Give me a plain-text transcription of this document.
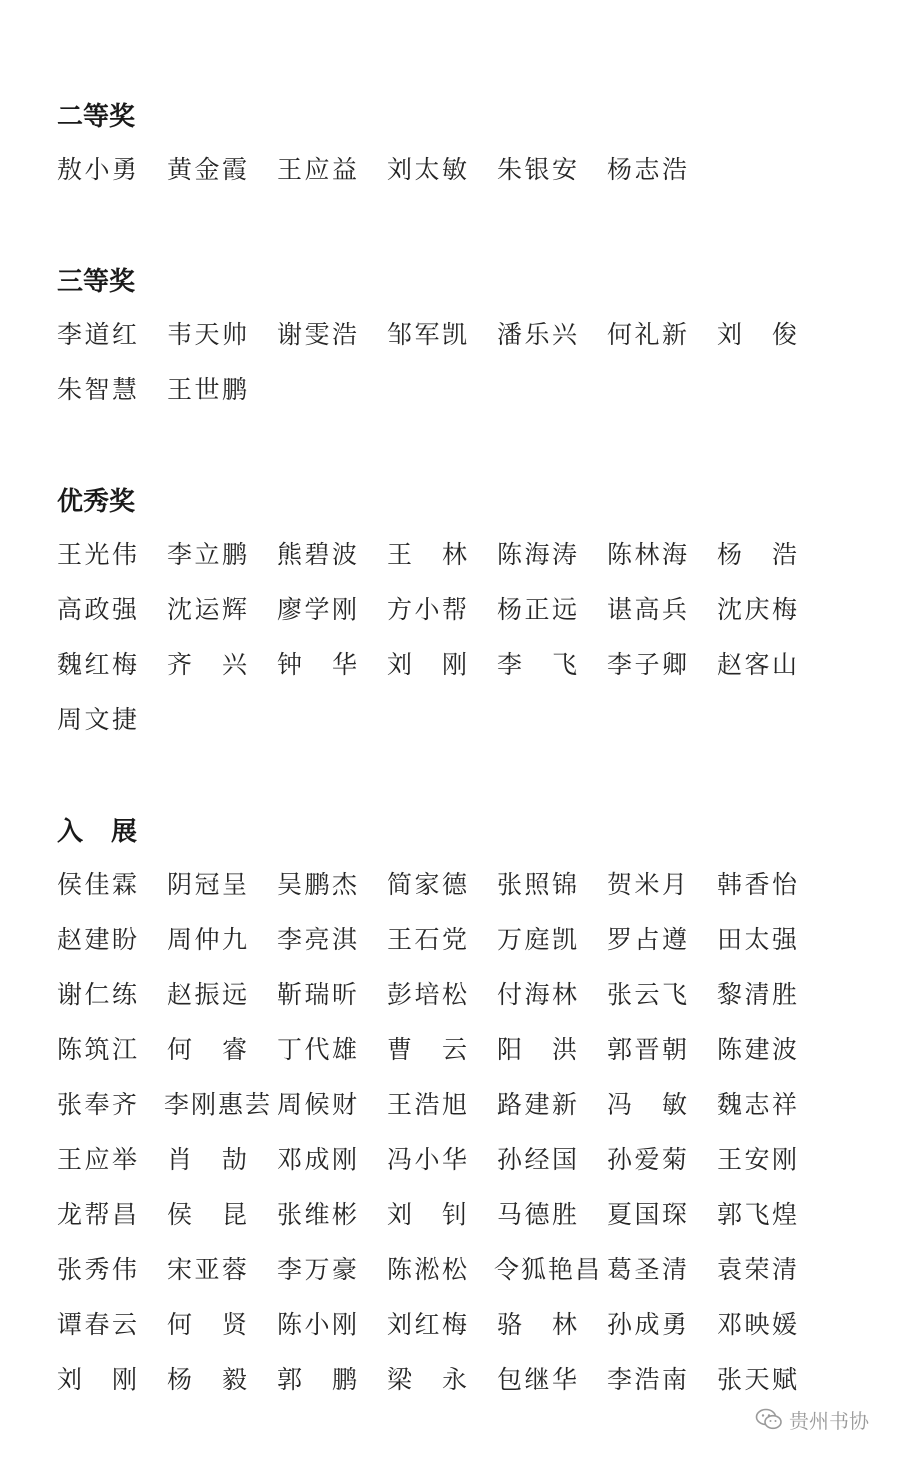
二等奖
敖 小 勇 黄 金 霞 王 应 益 刘 太 敏 朱 银 安 杨 志 浩
三等奖
李 道 红 韦 天 帅 谢 雯 浩 邹 军 凯 潘 乐 兴 何 礼 新 刘 俊
朱 智 慧 王 世 鹏
优秀奖
王 光 伟 李 立 鹏 熊 碧 波 王 林 陈 海 涛 陈 林 海 杨 浩
高 政 强 沈 运 辉 廖 学 刚 方 小 帮 杨 正 远 谌 高 兵 沈 庆 梅
魏 红 梅 齐 兴 钟 华 刘 刚 李 飞 李 子 卿 赵 客 山
周 文 捷
入展
侯 佳 霖 阴 冠 呈 吴 鹏 杰 简 家 德 张 照 锦 贺 米 月 韩 香 怡
赵 建 盼 周 仲 九 李 亮 淇 王 石 党 万 庭 凯 罗 占 遵 田 太 强
谢 仁 练 赵 振 远 靳 瑞 昕 彭 培 松 付 海 林 张 云 飞 黎 清 胜
陈 筑 江 何 睿 丁 代 雄 曹 云 阳 洪 郭 晋 朝 陈 建 波
张 奉 齐 李 刚 惠 芸 周 候 财 王 浩 旭 路 建 新 冯 敏 魏 志 祥
王 应 举 肖 劼 邓 成 刚 冯 小 华 孙 经 国 孙 爱 菊 王 安 刚
龙 帮 昌 侯 昆 张 维 彬 刘 钊 马 德 胜 夏 国 琛 郭 飞 煌
张 秀 伟 宋 亚 蓉 李 万 豪 陈 淞 松 令 狐 艳 昌 葛 圣 清 袁 荣 清
谭 春 云 何 贤 陈 小 刚 刘 红 梅 骆 林 孙 成 勇 邓 映 媛
刘 刚 杨 毅 郭 鹏 梁 永 包 继 华 李 浩 南 张 天 赋
贵州书协
